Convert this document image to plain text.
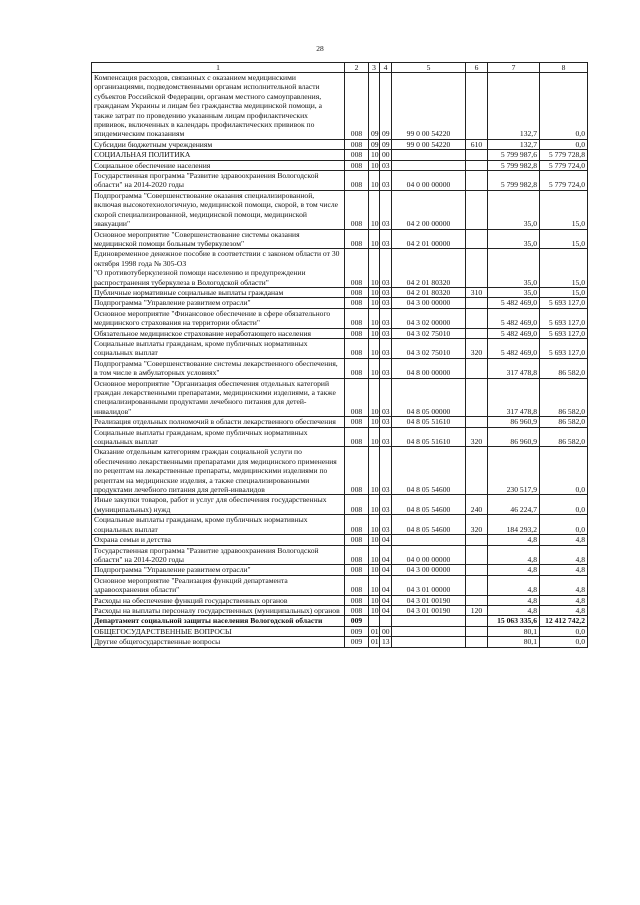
28
1	2	3	4	5	6	7	8
Компенсация расходов, связанных с оказанием медицинскими организациями, подведомственными органам исполнительной власти субъектов Российской Федерации, органам местного самоуправления, гражданам Украины и лицам без гражданства медицинской помощи, а также затрат по проведению указанным лицам профилактических прививок, включенных в календарь профилактических прививок по эпидемическим показаниям	008	09	09	99 0 00 54220		132,7	0,0
Субсидии бюджетным учреждениям	008	09	09	99 0 00 54220	610	132,7	0,0
СОЦИАЛЬНАЯ ПОЛИТИКА	008	10	00			5 799 987,6	5 779 728,8
Социальное обеспечение населения	008	10	03			5 799 982,8	5 779 724,0
Государственная программа "Развитие здравоохранения Вологодской области" на 2014-2020 годы	008	10	03	04 0 00 00000		5 799 982,8	5 779 724,0
Подпрограмма "Совершенствование оказания специализированной, включая высокотехнологичную, медицинской помощи, скорой, в том числе скорой специализированной, медицинской помощи, медицинской эвакуации"	008	10	03	04 2 00 00000		35,0	15,0
Основное мероприятие "Совершенствование системы оказания медицинской помощи больным туберкулезом"	008	10	03	04 2 01 00000		35,0	15,0
Единовременное денежное пособие в соответствии с законом области от 30 октября 1998 года № 305-ОЗ
"О противотуберкулезной помощи населению и предупреждении распространения туберкулеза в Вологодской области"	008	10	03	04 2 01 80320		35,0	15,0
Публичные нормативные социальные выплаты гражданам	008	10	03	04 2 01 80320	310	35,0	15,0
Подпрограмма "Управление развитием отрасли"	008	10	03	04 3 00 00000		5 482 469,0	5 693 127,0
Основное мероприятие "Финансовое обеспечение в сфере обязательного медицинского страхования на территории области"	008	10	03	04 3 02 00000		5 482 469,0	5 693 127,0
Обязательное медицинское страхование неработающего населения	008	10	03	04 3 02 75010		5 482 469,0	5 693 127,0
Социальные выплаты гражданам, кроме публичных нормативных социальных выплат	008	10	03	04 3 02 75010	320	5 482 469,0	5 693 127,0
Подпрограмма "Совершенствование системы лекарственного обеспечения, в том числе в амбулаторных условиях"	008	10	03	04 8 00 00000		317 478,8	86 582,0
Основное мероприятие "Организация обеспечения отдельных категорий граждан лекарственными препаратами, медицинскими изделиями, а также специализированными продуктами лечебного питания для детей-инвалидов"	008	10	03	04 8 05 00000		317 478,8	86 582,0
Реализация отдельных полномочий в области лекарственного обеспечения	008	10	03	04 8 05 51610		86 960,9	86 582,0
Социальные выплаты гражданам, кроме публичных нормативных социальных выплат	008	10	03	04 8 05 51610	320	86 960,9	86 582,0
Оказание отдельным категориям граждан социальной услуги по обеспечению лекарственными препаратами для медицинского применения по рецептам на лекарственные препараты, медицинскими изделиями по рецептам на медицинские изделия, а также специализированными продуктами лечебного питания для детей-инвалидов	008	10	03	04 8 05 54600		230 517,9	0,0
Иные закупки товаров, работ и услуг для обеспечения государственных (муниципальных) нужд	008	10	03	04 8 05 54600	240	46 224,7	0,0
Социальные выплаты гражданам, кроме публичных нормативных социальных выплат	008	10	03	04 8 05 54600	320	184 293,2	0,0
Охрана семьи и детства	008	10	04			4,8	4,8
Государственная программа "Развитие здравоохранения Вологодской области" на 2014-2020 годы	008	10	04	04 0 00 00000		4,8	4,8
Подпрограмма "Управление развитием отрасли"	008	10	04	04 3 00 00000		4,8	4,8
Основное мероприятие "Реализация функций департамента здравоохранения области"	008	10	04	04 3 01 00000		4,8	4,8
Расходы на обеспечение функций государственных органов	008	10	04	04 3 01 00190		4,8	4,8
Расходы на выплаты персоналу государственных (муниципальных) органов	008	10	04	04 3 01 00190	120	4,8	4,8
Департамент социальной защиты населения Вологодской области	009					15 063 335,6	12 412 742,2
ОБЩЕГОСУДАРСТВЕННЫЕ ВОПРОСЫ	009	01	00			80,1	0,0
Другие общегосударственные вопросы	009	01	13			80,1	0,0
